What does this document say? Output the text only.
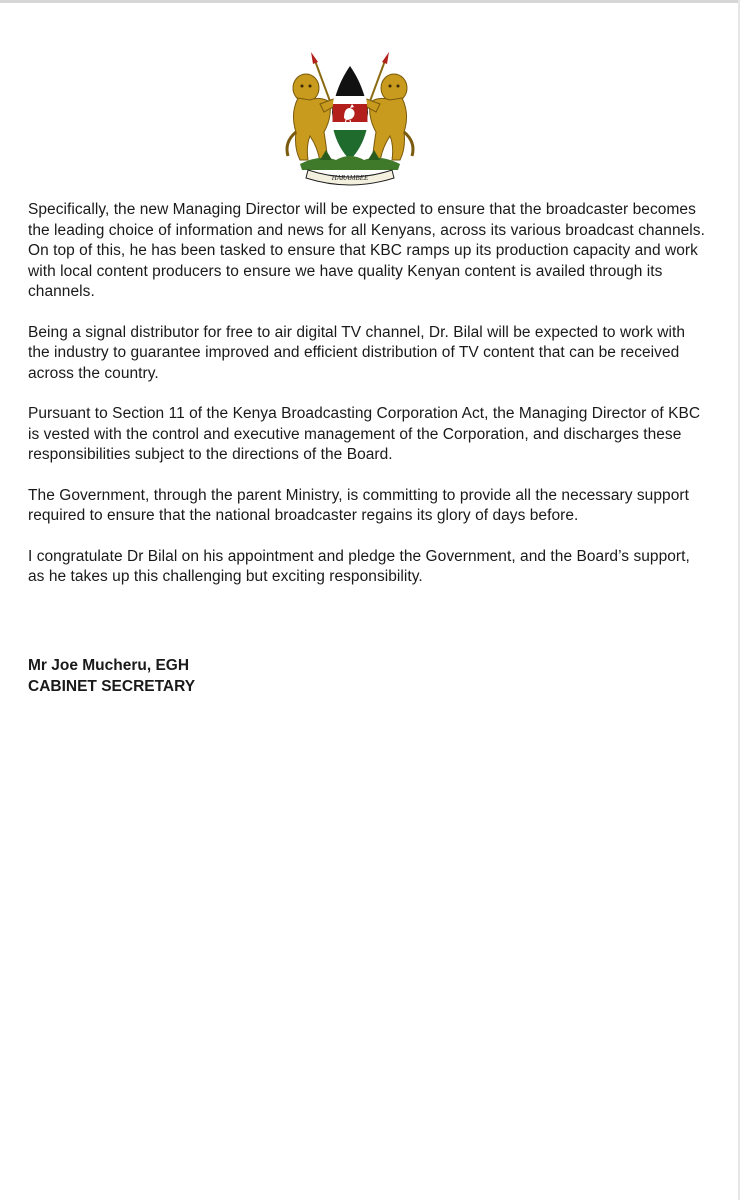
HARAMBEE

Specifically, the new Managing Director will be expected to ensure that the broadcaster becomes the leading choice of information and news for all Kenyans, across its various broadcast channels. On top of this, he has been tasked to ensure that KBC ramps up its production capacity and work with local content producers to ensure we have quality Kenyan content is availed through its channels.

Being a signal distributor for free to air digital TV channel, Dr. Bilal will be expected to work with the industry to guarantee improved and efficient distribution of TV content that can be received across the country.

Pursuant to Section 11 of the Kenya Broadcasting Corporation Act, the Managing Director of KBC is vested with the control and executive management of the Corporation, and discharges these responsibilities subject to the directions of the Board.

The Government, through the parent Ministry, is committing to provide all the necessary support required to ensure that the national broadcaster regains its glory of days before.

I congratulate Dr Bilal on his appointment and pledge the Government, and the Board’s support, as he takes up this challenging but exciting responsibility.

Mr Joe Mucheru, EGH
CABINET SECRETARY
